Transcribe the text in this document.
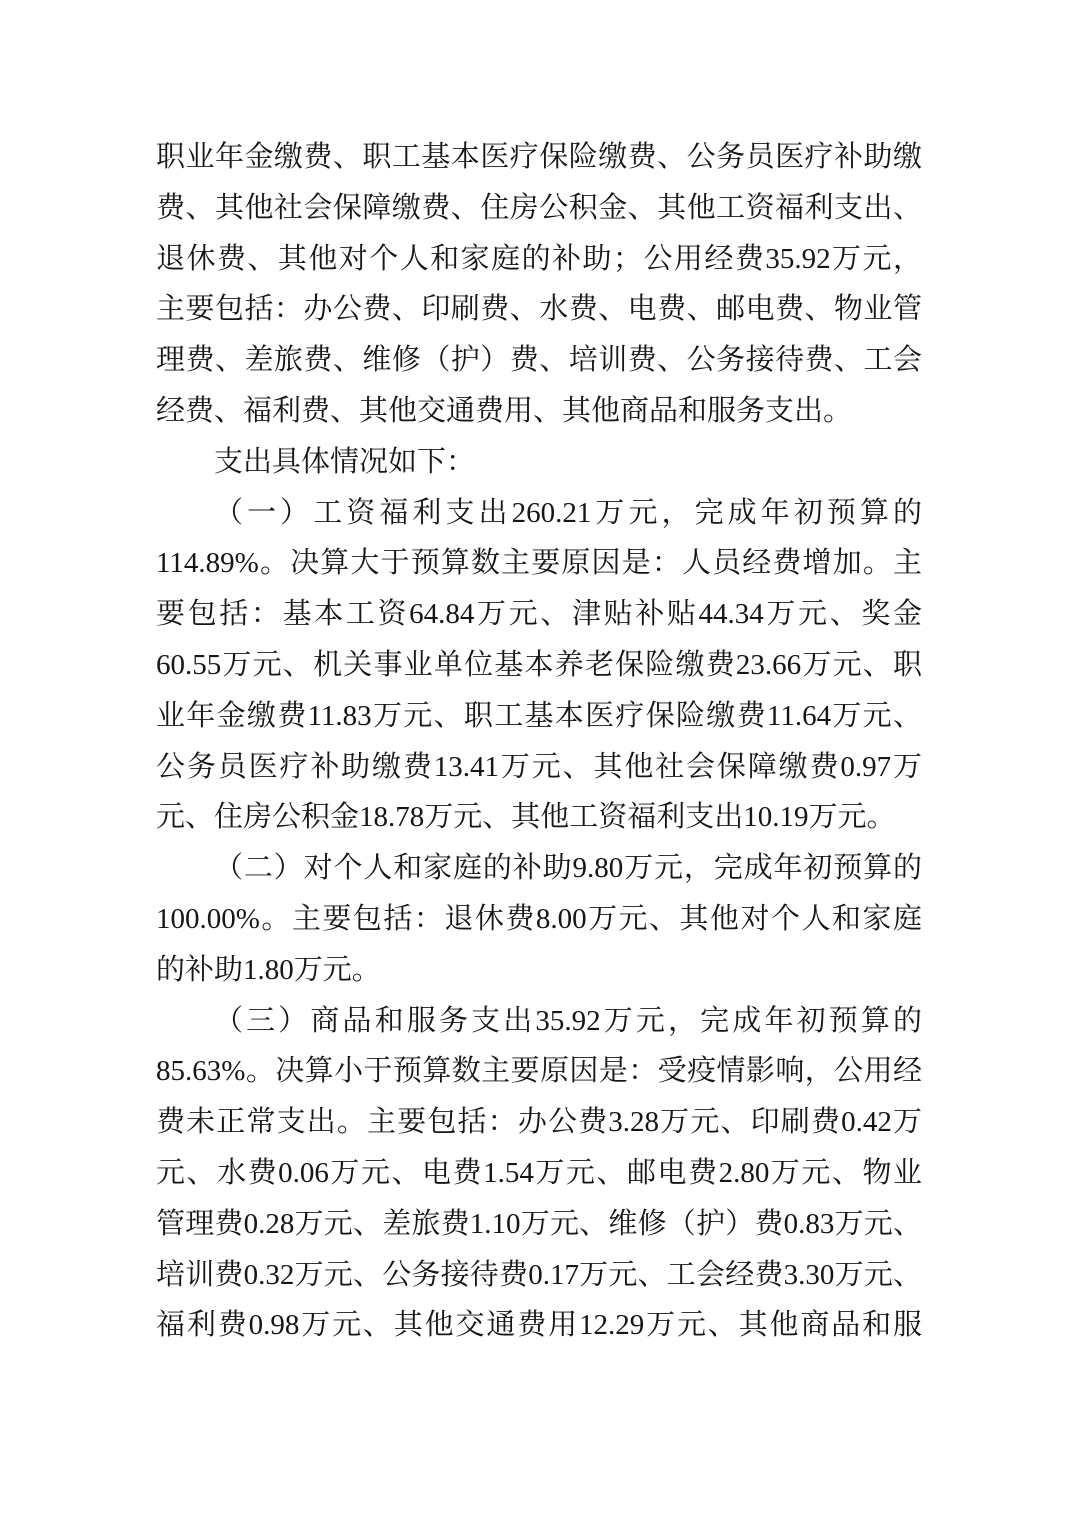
职业年金缴费、职工基本医疗保险缴费、公务员医疗补助缴
费、其他社会保障缴费、住房公积金、其他工资福利支出、
退休费、其他对个人和家庭的补助；公用经费35.92万元，
主要包括：办公费、印刷费、水费、电费、邮电费、物业管
理费、差旅费、维修（护）费、培训费、公务接待费、工会
经费、福利费、其他交通费用、其他商品和服务支出。
支出具体情况如下：
（一）工资福利支出260.21万元，完成年初预算的
114.89%。决算大于预算数主要原因是：人员经费增加。主
要包括：基本工资64.84万元、津贴补贴44.34万元、奖金
60.55万元、机关事业单位基本养老保险缴费23.66万元、职
业年金缴费11.83万元、职工基本医疗保险缴费11.64万元、
公务员医疗补助缴费13.41万元、其他社会保障缴费0.97万
元、住房公积金18.78万元、其他工资福利支出10.19万元。
（二）对个人和家庭的补助9.80万元，完成年初预算的
100.00%。主要包括：退休费8.00万元、其他对个人和家庭
的补助1.80万元。
（三）商品和服务支出35.92万元，完成年初预算的
85.63%。决算小于预算数主要原因是：受疫情影响，公用经
费未正常支出。主要包括：办公费3.28万元、印刷费0.42万
元、水费0.06万元、电费1.54万元、邮电费2.80万元、物业
管理费0.28万元、差旅费1.10万元、维修（护）费0.83万元、
培训费0.32万元、公务接待费0.17万元、工会经费3.30万元、
福利费0.98万元、其他交通费用12.29万元、其他商品和服
